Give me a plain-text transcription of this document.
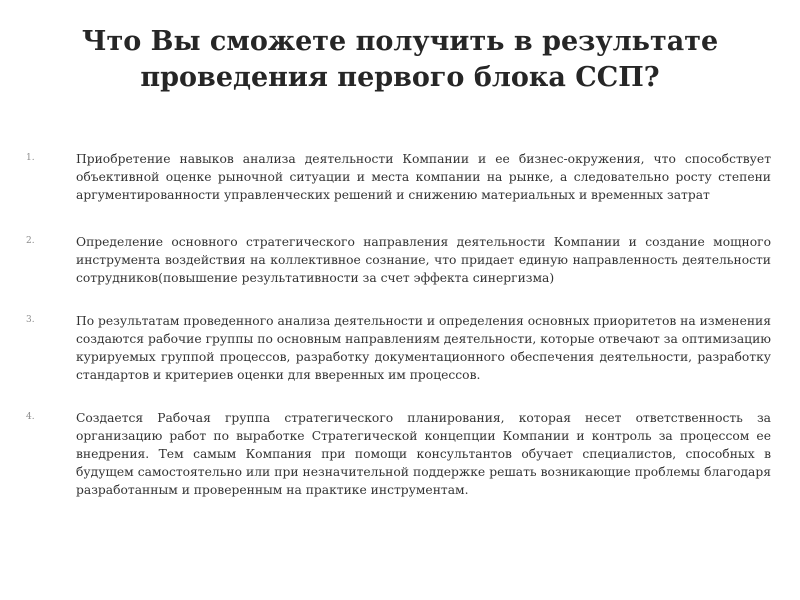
Что Вы сможете получить в результате
проведения первого блока ССП?
1.	Приобретение навыков анализа деятельности Компании и ее бизнес-окружения, что способствует объективной оценке рыночной ситуации и места компании на рынке, а следовательно росту степени аргументированности управленческих решений и снижению материальных и временных затрат

2.	Определение основного стратегического направления деятельности Компании и создание мощного инструмента воздействия на коллективное сознание, что придает единую направленность деятельности сотрудников(повышение результативности за счет эффекта синергизма)

3.	По результатам проведенного анализа деятельности и определения основных приоритетов на изменения создаются рабочие группы по основным направлениям деятельности, которые отвечают за оптимизацию курируемых группой процессов, разработку документационного обеспечения деятельности, разработку стандартов и критериев оценки для вверенных им процессов.

4.	Создается Рабочая группа стратегического планирования, которая несет ответственность за организацию работ по выработке Стратегической концепции Компании и контроль за процессом ее внедрения. Тем самым Компания при помощи консультантов обучает специалистов, способных в будущем самостоятельно или при незначительной поддержке решать возникающие проблемы благодаря разработанным и проверенным на практике инструментам.
